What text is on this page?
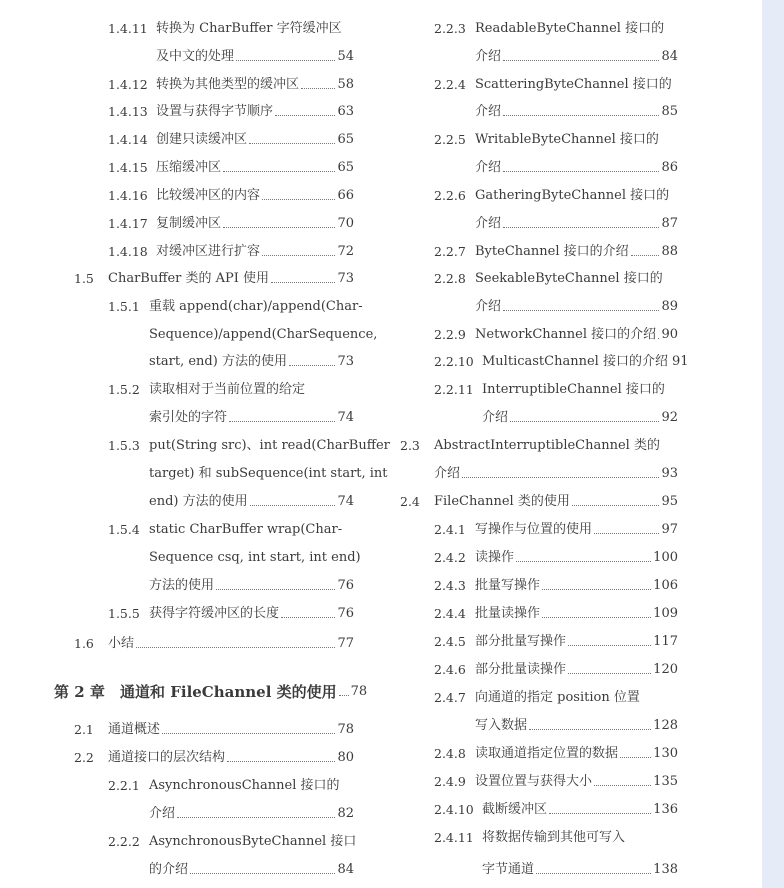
1.4.11 转换为 CharBuffer 字符缓冲区
及中文的处理	54
1.4.12 转换为其他类型的缓冲区	58
1.4.13 设置与获得字节顺序	63
1.4.14 创建只读缓冲区	65
1.4.15 压缩缓冲区	65
1.4.16 比较缓冲区的内容	66
1.4.17 复制缓冲区	70
1.4.18 对缓冲区进行扩容	72
1.5	CharBuffer 类的 API 使用	73
1.5.1 重载 append(char)/append(Char-
Sequence)/append(CharSequence,
start, end) 方法的使用	73
1.5.2 读取相对于当前位置的给定
索引处的字符	74
1.5.3 put(String src)、int read(CharBuffer
target) 和 subSequence(int start, int
end) 方法的使用	74
1.5.4 static CharBuffer wrap(Char-
Sequence csq, int start, int end)
方法的使用	76
1.5.5 获得字符缓冲区的长度	76
1.6	小结	77
第 2 章	通道和 FileChannel 类的使用 78
2.1	通道概述	78
2.2	通道接口的层次结构	80
2.2.1 AsynchronousChannel 接口的
介绍	82
2.2.2 AsynchronousByteChannel 接口
的介绍	84
2.2.3 ReadableByteChannel 接口的
介绍	84
2.2.4 ScatteringByteChannel 接口的
介绍	85
2.2.5 WritableByteChannel 接口的
介绍	86
2.2.6 GatheringByteChannel 接口的
介绍	87
2.2.7 ByteChannel 接口的介绍	88
2.2.8 SeekableByteChannel 接口的
介绍	89
2.2.9 NetworkChannel 接口的介绍 90
2.2.10 MulticastChannel 接口的介绍 91
2.2.11 InterruptibleChannel 接口的
介绍	92
2.3	AbstractInterruptibleChannel 类的
介绍	93
2.4	FileChannel 类的使用	95
2.4.1 写操作与位置的使用	97
2.4.2 读操作	100
2.4.3 批量写操作	106
2.4.4 批量读操作	109
2.4.5 部分批量写操作	117
2.4.6 部分批量读操作	120
2.4.7 向通道的指定 position 位置
写入数据	128
2.4.8 读取通道指定位置的数据	130
2.4.9 设置位置与获得大小	135
2.4.10 截断缓冲区	136
2.4.11 将数据传输到其他可写入
字节通道	138
